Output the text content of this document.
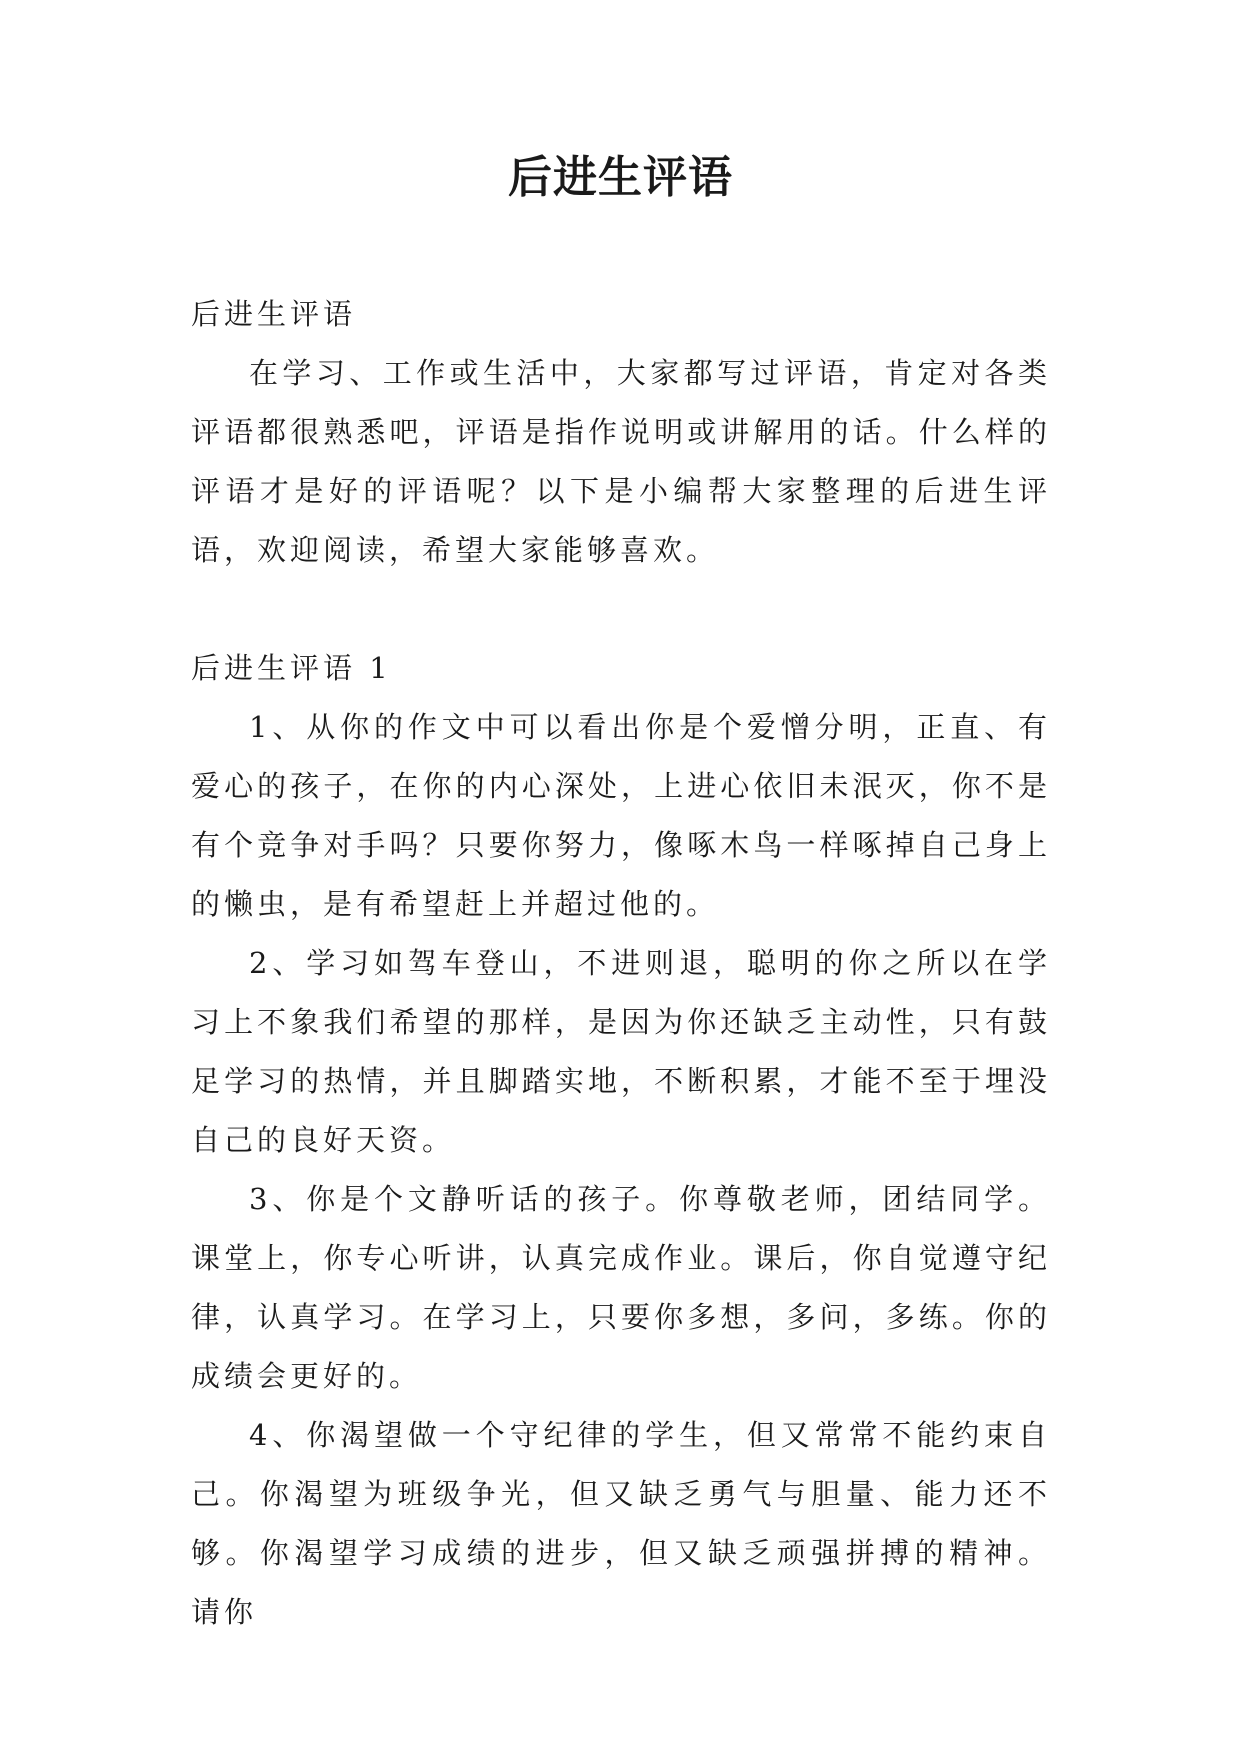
后进生评语

后进生评语

在学习、工作或生活中，大家都写过评语，肯定对各类评语都很熟悉吧，评语是指作说明或讲解用的话。什么样的评语才是好的评语呢？以下是小编帮大家整理的后进生评语，欢迎阅读，希望大家能够喜欢。

后进生评语 1

1、从你的作文中可以看出你是个爱憎分明，正直、有爱心的孩子，在你的内心深处，上进心依旧未泯灭，你不是有个竞争对手吗？只要你努力，像啄木鸟一样啄掉自己身上的懒虫，是有希望赶上并超过他的。

2、学习如驾车登山，不进则退，聪明的你之所以在学习上不象我们希望的那样，是因为你还缺乏主动性，只有鼓足学习的热情，并且脚踏实地，不断积累，才能不至于埋没自己的良好天资。

3、你是个文静听话的孩子。你尊敬老师，团结同学。课堂上，你专心听讲，认真完成作业。课后，你自觉遵守纪律，认真学习。在学习上，只要你多想，多问，多练。你的成绩会更好的。

4、你渴望做一个守纪律的学生，但又常常不能约束自己。你渴望为班级争光，但又缺乏勇气与胆量、能力还不够。你渴望学习成绩的进步，但又缺乏顽强拼搏的精神。 请你
